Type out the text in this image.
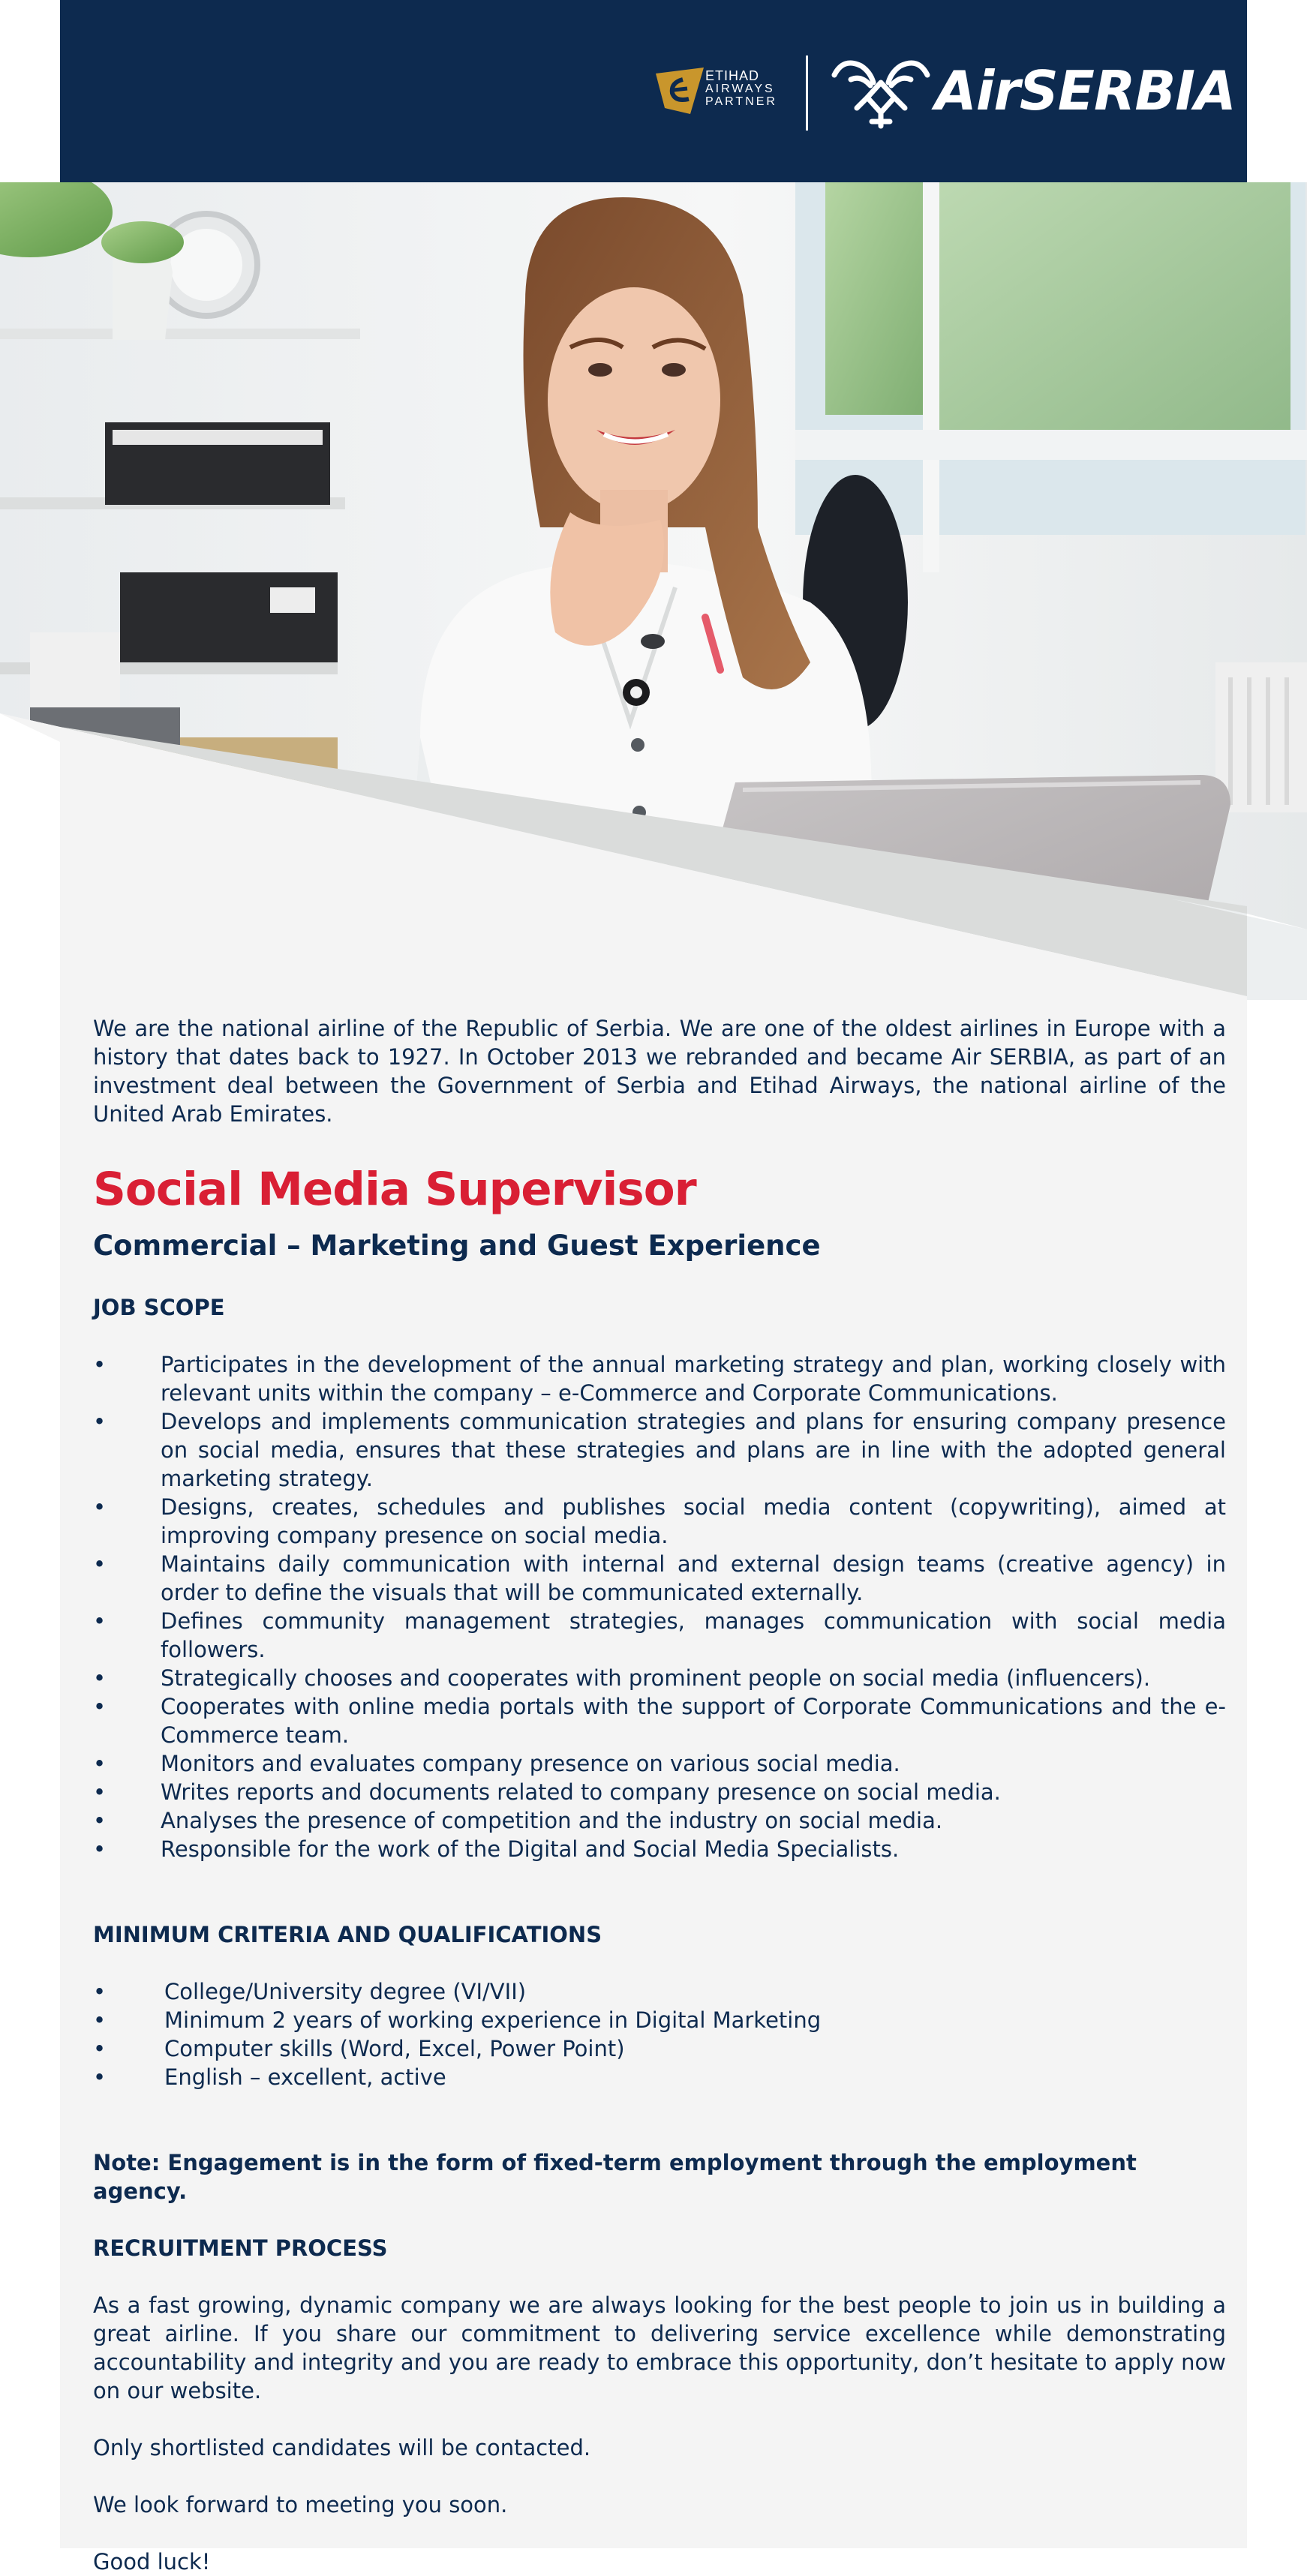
ETIHAD
AIRWAYS
PARTNER	AirSERBIA

We are the national airline of the Republic of Serbia. We are one of the oldest airlines in Europe with a history that dates back to 1927. In October 2013 we rebranded and became Air SERBIA, as part of an investment deal between the Government of Serbia and Etihad Airways, the national airline of the United Arab Emirates.

Social Media Supervisor
Commercial – Marketing and Guest Experience
JOB SCOPE
•	Participates in the development of the annual marketing strategy and plan, working closely with relevant units within the company – e-Commerce and Corporate Communications.
•	Develops and implements communication strategies and plans for ensuring company presence on social media, ensures that these strategies and plans are in line with the adopted general marketing strategy.
•	Designs, creates, schedules and publishes social media content (copywriting), aimed at improving company presence on social media.
•	Maintains daily communication with internal and external design teams (creative agency) in order to define the visuals that will be communicated externally.
•	Defines community management strategies, manages communication with social media followers.
•	Strategically chooses and cooperates with prominent people on social media (influencers).
•	Cooperates with online media portals with the support of Corporate Communications and the e-Commerce team.
•	Monitors and evaluates company presence on various social media.
•	Writes reports and documents related to company presence on social media.
•	Analyses the presence of competition and the industry on social media.
•	Responsible for the work of the Digital and Social Media Specialists.
MINIMUM CRITERIA AND QUALIFICATIONS
•	College/University degree (VI/VII)
•	Minimum 2 years of working experience in Digital Marketing
•	Computer skills (Word, Excel, Power Point)
•	English – excellent, active

Note: Engagement is in the form of fixed-term employment through the employment agency.

RECRUITMENT PROCESS

As a fast growing, dynamic company we are always looking for the best people to join us in building a great airline. If you share our commitment to delivering service excellence while demonstrating accountability and integrity and you are ready to embrace this opportunity, don’t hesitate to apply now on our website.

Only shortlisted candidates will be contacted.

We look forward to meeting you soon.

Good luck!
